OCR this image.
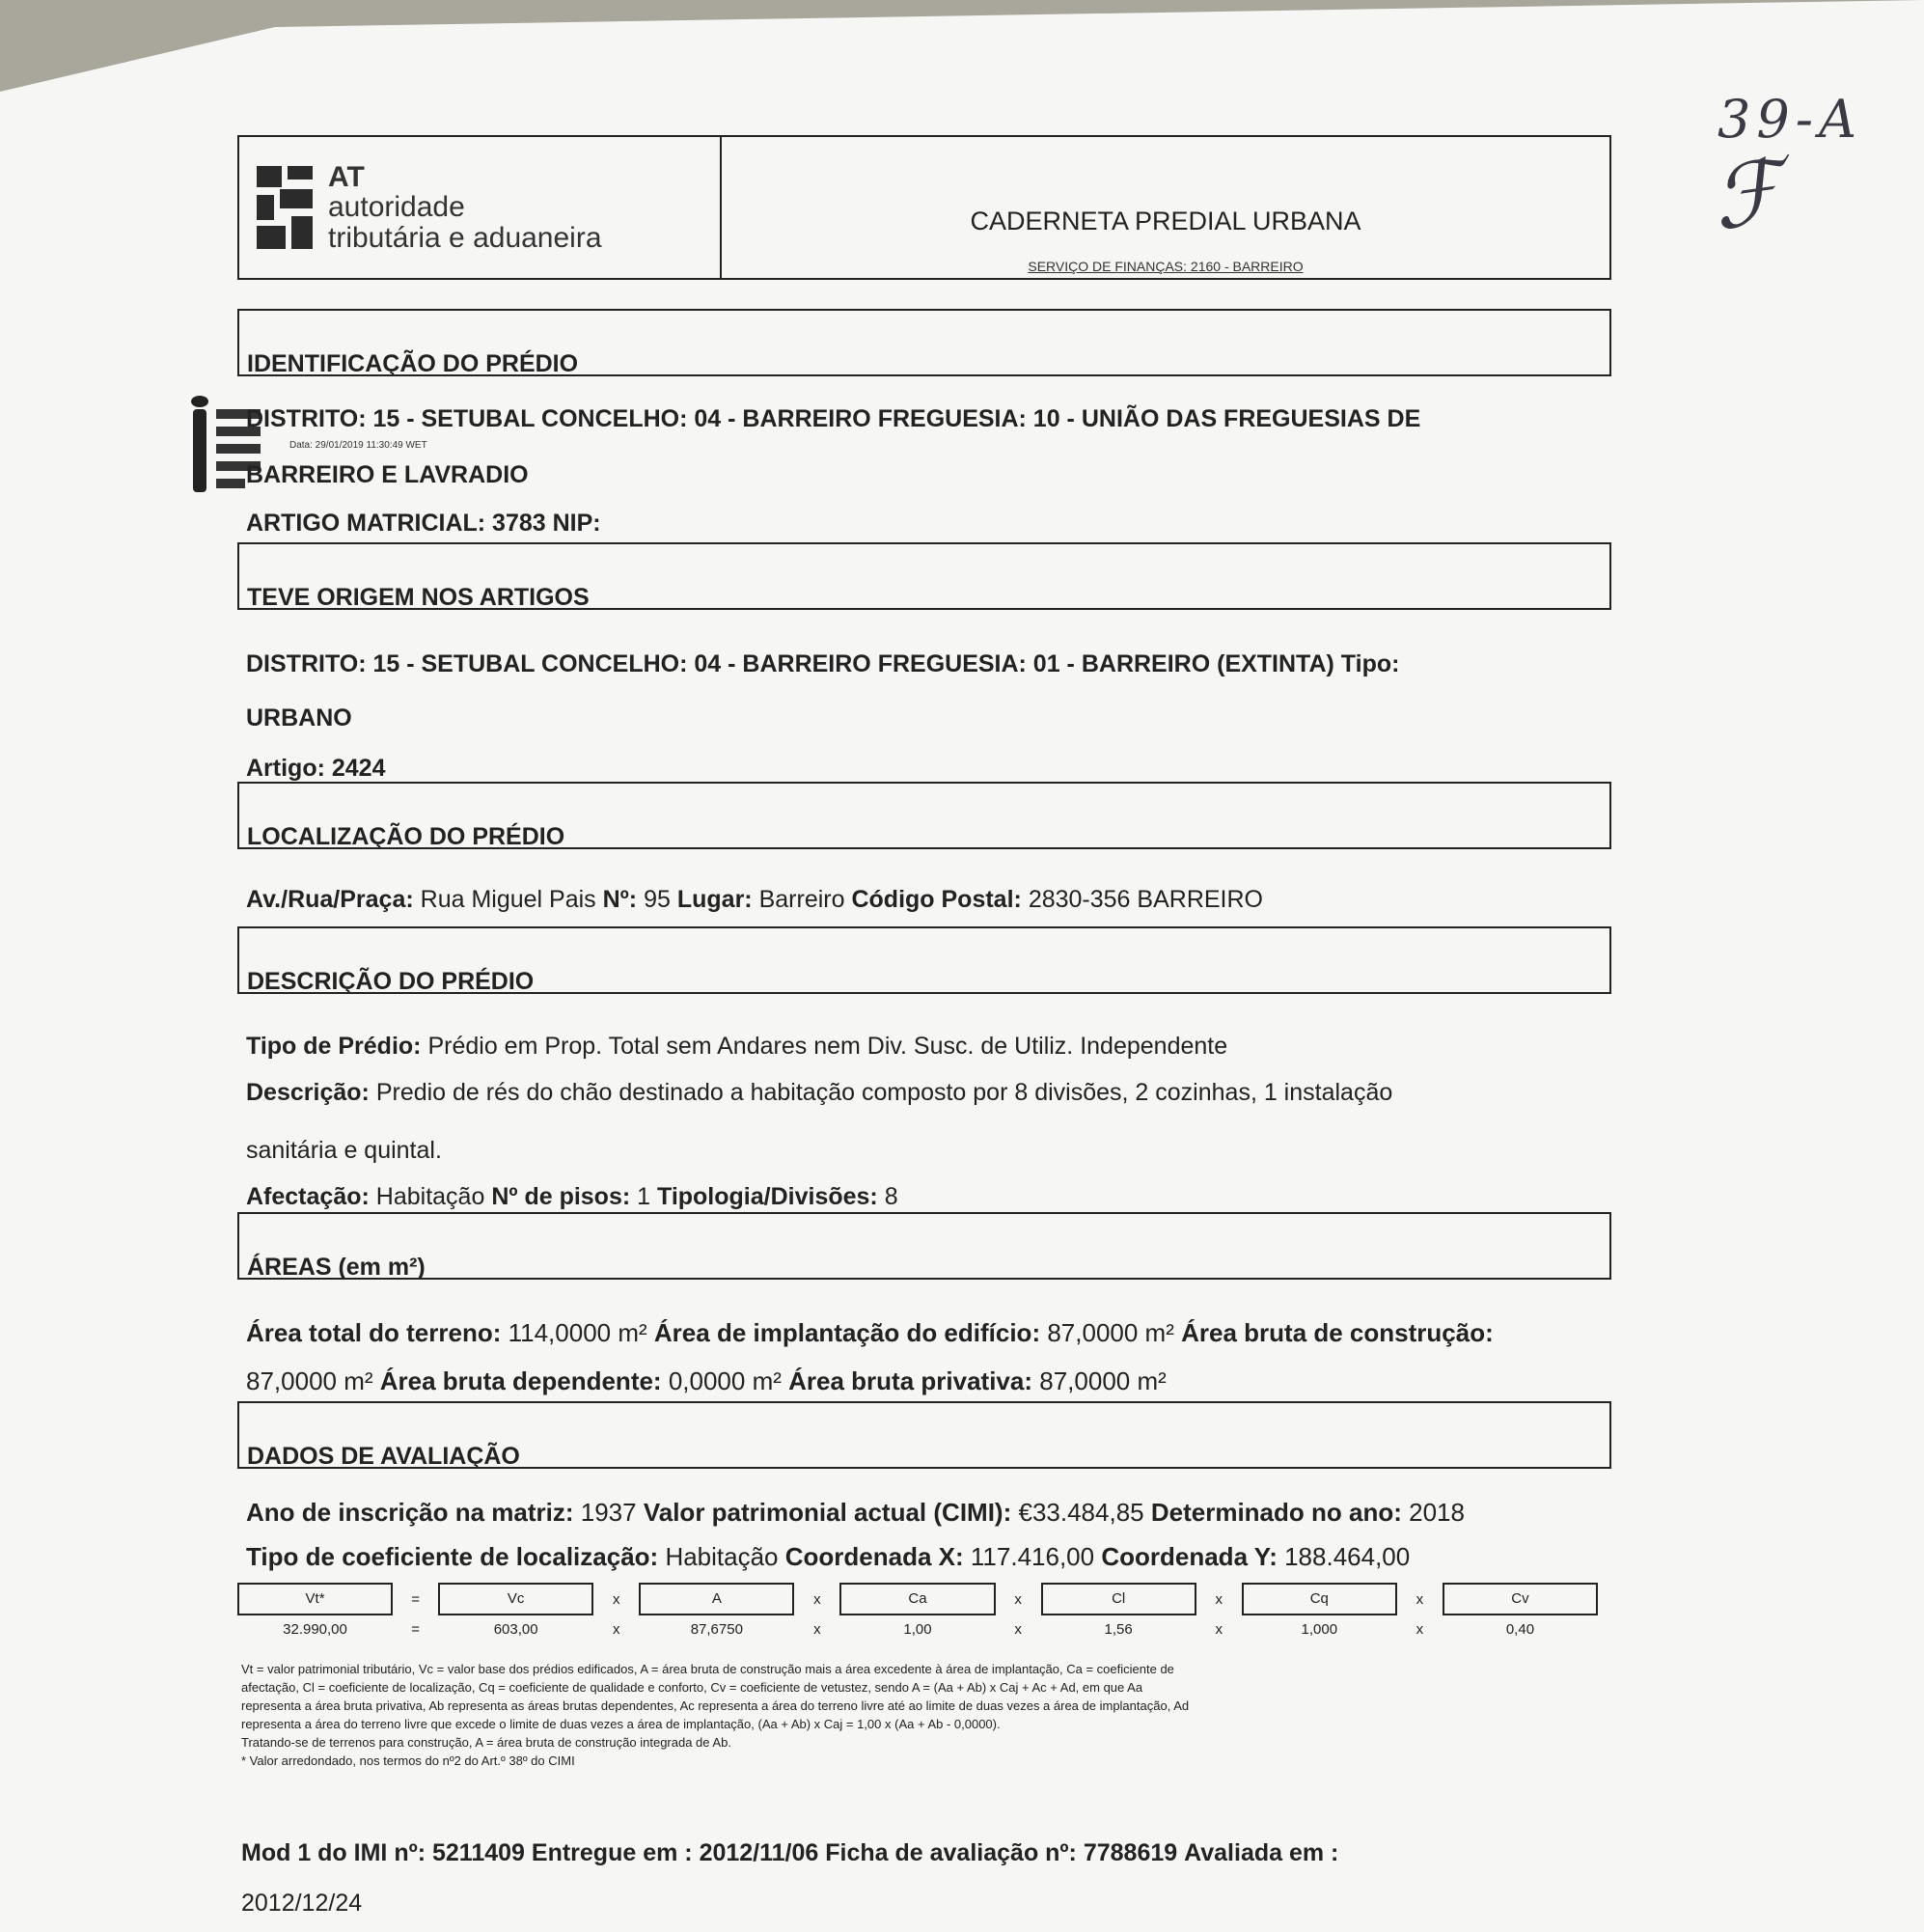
39-A
ℱ
AT
autoridade
tributária e aduaneira
CADERNETA PREDIAL URBANA
SERVIÇO DE FINANÇAS: 2160 - BARREIRO
IDENTIFICAÇÃO DO PRÉDIO
Data: 29/01/2019 11:30:49 WET
DISTRITO: 15 - SETUBAL CONCELHO: 04 - BARREIRO FREGUESIA: 10 - UNIÃO DAS FREGUESIAS DE
BARREIRO E LAVRADIO
ARTIGO MATRICIAL: 3783 NIP:
TEVE ORIGEM NOS ARTIGOS
DISTRITO: 15 - SETUBAL CONCELHO: 04 - BARREIRO FREGUESIA: 01 - BARREIRO (EXTINTA) Tipo:
URBANO
Artigo: 2424
LOCALIZAÇÃO DO PRÉDIO
Av./Rua/Praça: Rua Miguel Pais Nº: 95 Lugar: Barreiro Código Postal: 2830-356 BARREIRO
DESCRIÇÃO DO PRÉDIO
Tipo de Prédio: Prédio em Prop. Total sem Andares nem Div. Susc. de Utiliz. Independente
Descrição: Predio de rés do chão destinado a habitação composto por 8 divisões, 2 cozinhas, 1 instalação
sanitária e quintal.
Afectação: Habitação Nº de pisos: 1 Tipologia/Divisões: 8
ÁREAS (em m²)
Área total do terreno: 114,0000 m² Área de implantação do edifício: 87,0000 m² Área bruta de construção:
87,0000 m² Área bruta dependente: 0,0000 m² Área bruta privativa: 87,0000 m²
DADOS DE AVALIAÇÃO
Ano de inscrição na matriz: 1937 Valor patrimonial actual (CIMI): €33.484,85 Determinado no ano: 2018
Tipo de coeficiente de localização: Habitação Coordenada X: 117.416,00 Coordenada Y: 188.464,00
Vt*	=	Vc	x	A	x	Ca	x	Cl	x	Cq	x	Cv
32.990,00	=	603,00	x	87,6750	x	1,00	x	1,56	x	1,000	x	0,40
Vt = valor patrimonial tributário, Vc = valor base dos prédios edificados, A = área bruta de construção mais a área excedente à área de implantação, Ca = coeficiente de
afectação, Cl = coeficiente de localização, Cq = coeficiente de qualidade e conforto, Cv = coeficiente de vetustez, sendo A = (Aa + Ab) x Caj + Ac + Ad, em que Aa
representa a área bruta privativa, Ab representa as áreas brutas dependentes, Ac representa a área do terreno livre até ao limite de duas vezes a área de implantação, Ad
representa a área do terreno livre que excede o limite de duas vezes a área de implantação, (Aa + Ab) x Caj = 1,00 x (Aa + Ab - 0,0000).
Tratando-se de terrenos para construção, A = área bruta de construção integrada de Ab.
* Valor arredondado, nos termos do nº2 do Art.º 38º do CIMI
Mod 1 do IMI nº: 5211409 Entregue em : 2012/11/06 Ficha de avaliação nº: 7788619 Avaliada em :
2012/12/24
